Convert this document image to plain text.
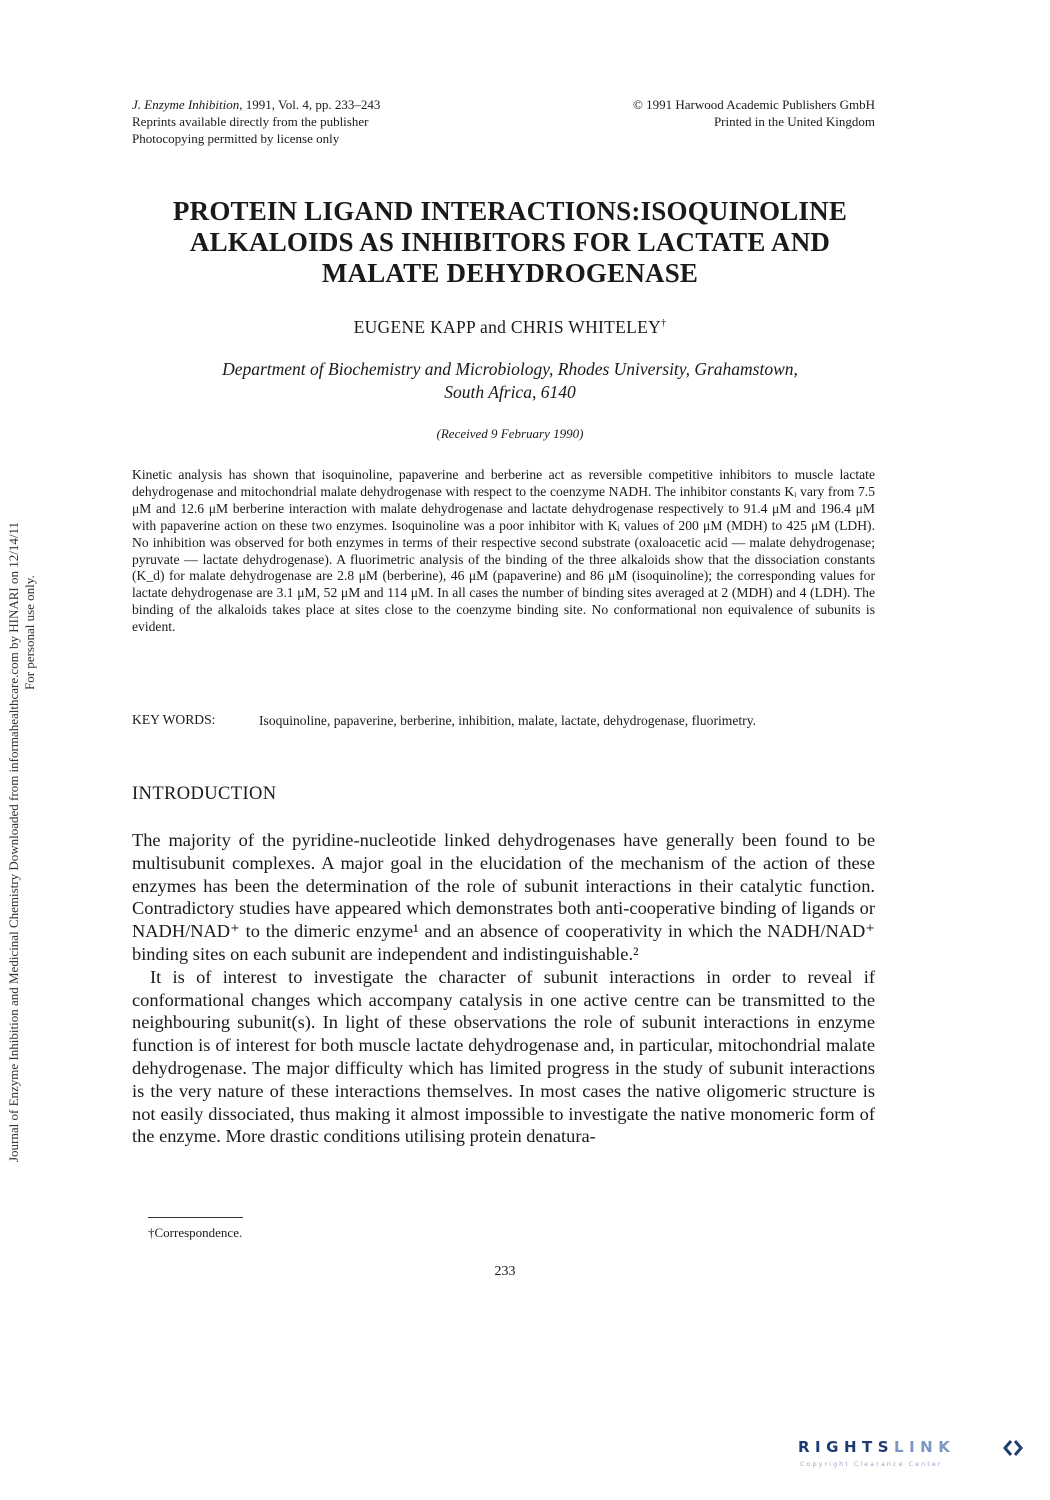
Journal of Enzyme Inhibition and Medicinal Chemistry Downloaded from informahealthcare.com by HINARI on 12/14/11 For personal use only.
J. Enzyme Inhibition, 1991, Vol. 4, pp. 233–243
Reprints available directly from the publisher
Photocopying permitted by license only
© 1991 Harwood Academic Publishers GmbH
Printed in the United Kingdom
PROTEIN LIGAND INTERACTIONS:ISOQUINOLINE
ALKALOIDS AS INHIBITORS FOR LACTATE AND
MALATE DEHYDROGENASE
EUGENE KAPP and CHRIS WHITELEY†
Department of Biochemistry and Microbiology, Rhodes University, Grahamstown,
South Africa, 6140
(Received 9 February 1990)
Kinetic analysis has shown that isoquinoline, papaverine and berberine act as reversible competitive inhibitors to muscle lactate dehydrogenase and mitochondrial malate dehydrogenase with respect to the coenzyme NADH. The inhibitor constants Kᵢ vary from 7.5 μM and 12.6 μM berberine interaction with malate dehydrogenase and lactate dehydrogenase respectively to 91.4 μM and 196.4 μM with papaverine action on these two enzymes. Isoquinoline was a poor inhibitor with Kᵢ values of 200 μM (MDH) to 425 μM (LDH). No inhibition was observed for both enzymes in terms of their respective second substrate (oxaloacetic acid — malate dehydrogenase; pyruvate — lactate dehydrogenase). A fluorimetric analysis of the binding of the three alkaloids show that the dissociation constants (K_d) for malate dehydrogenase are 2.8 μM (berberine), 46 μM (papaverine) and 86 μM (isoquinoline); the corresponding values for lactate dehydrogenase are 3.1 μM, 52 μM and 114 μM. In all cases the number of binding sites averaged at 2 (MDH) and 4 (LDH). The binding of the alkaloids takes place at sites close to the coenzyme binding site. No conformational non equivalence of subunits is evident.
KEY WORDS:	Isoquinoline, papaverine, berberine, inhibition, malate, lactate, dehydrogenase, fluorimetry.
INTRODUCTION

The majority of the pyridine-nucleotide linked dehydrogenases have generally been found to be multisubunit complexes. A major goal in the elucidation of the mechanism of the action of these enzymes has been the determination of the role of subunit interactions in their catalytic function. Contradictory studies have appeared which demonstrates both anti-cooperative binding of ligands or NADH/NAD⁺ to the dimeric enzyme¹ and an absence of cooperativity in which the NADH/NAD⁺ binding sites on each subunit are independent and indistinguishable.²

It is of interest to investigate the character of subunit interactions in order to reveal if conformational changes which accompany catalysis in one active centre can be transmitted to the neighbouring subunit(s). In light of these observations the role of subunit interactions in enzyme function is of interest for both muscle lactate dehydrogenase and, in particular, mitochondrial malate dehydrogenase. The major difficulty which has limited progress in the study of subunit interactions is the very nature of these interactions themselves. In most cases the native oligomeric structure is not easily dissociated, thus making it almost impossible to investigate the native monomeric form of the enzyme. More drastic conditions utilising protein denatura-

†Correspondence.
233
RIGHTSLINK
Copyright Clearance Center
